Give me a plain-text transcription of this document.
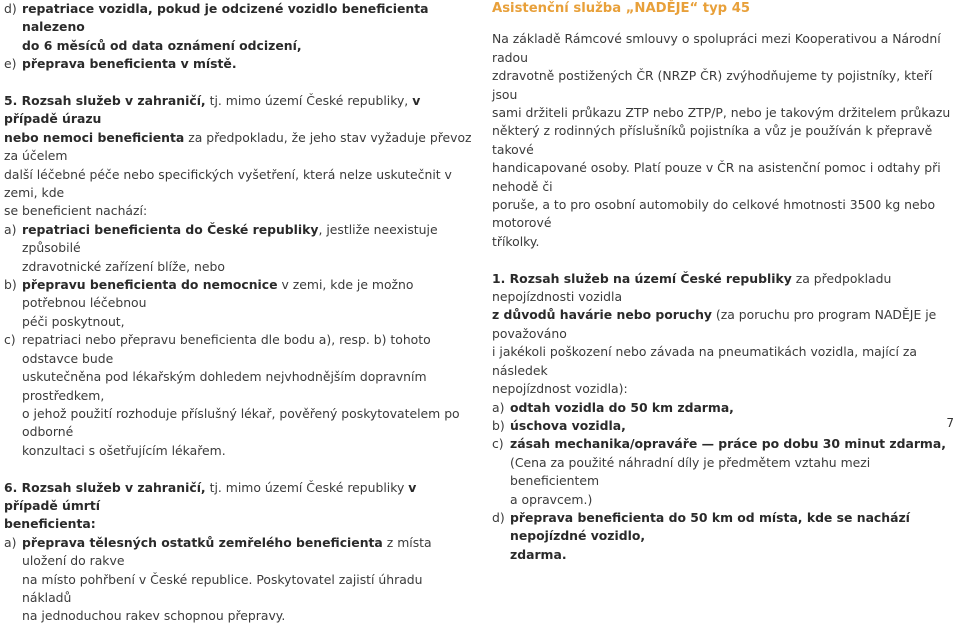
d) repatriace vozidla, pokud je odcizené vozidlo beneficienta nalezeno
do 6 měsíců od data oznámení odcizení,
e) přeprava beneficienta v místě.

5. Rozsah služeb v zahraničí, tj. mimo území České republiky, v případě úrazu
nebo nemoci beneficienta za předpokladu, že jeho stav vyžaduje převoz za účelem
další léčebné péče nebo specifických vyšetření, která nelze uskutečnit v zemi, kde
se beneficient nachází:

a) repatriaci beneficienta do České republiky, jestliže neexistuje způsobilé
zdravotnické zařízení blíže, nebo
b) přepravu beneficienta do nemocnice v zemi, kde je možno potřebnou léčebnou
péči poskytnout,
c) repatriaci nebo přepravu beneficienta dle bodu a), resp. b) tohoto odstavce bude
uskutečněna pod lékařským dohledem nejvhodnějším dopravním prostředkem,
o jehož použití rozhoduje příslušný lékař, pověřený poskytovatelem po odborné
konzultaci s ošetřujícím lékařem.

6. Rozsah služeb v zahraničí, tj. mimo území České republiky v případě úmrtí
beneficienta:

a) přeprava tělesných ostatků zemřelého beneficienta z místa uložení do rakve
na místo pohřbení v České republice. Poskytovatel zajistí úhradu nákladů
na jednoduchou rakev schopnou přepravy.

Asistenční služba „NADĚJE“ typ 45

Na základě Rámcové smlouvy o spolupráci mezi Kooperativou a Národní radou
zdravotně postižených ČR (NRZP ČR) zvýhodňujeme ty pojistníky, kteří jsou
sami držiteli průkazu ZTP nebo ZTP/P, nebo je takovým držitelem průkazu
některý z rodinných příslušníků pojistníka a vůz je používán k přepravě takové
handicapované osoby. Platí pouze v ČR na asistenční pomoc i odtahy při nehodě či
poruše, a to pro osobní automobily do celkové hmotnosti 3500 kg nebo motorové
tříkolky.

1. Rozsah služeb na území České republiky za předpokladu nepojízdnosti vozidla
z důvodů havárie nebo poruchy (za poruchu pro program NADĚJE je považováno
i jakékoli poškození nebo závada na pneumatikách vozidla, mající za následek
nepojízdnost vozidla):

a) odtah vozidla do 50 km zdarma,
b) úschova vozidla,
c) zásah mechanika/opraváře — práce po dobu 30 minut zdarma,
(Cena za použité náhradní díly je předmětem vztahu mezi beneficientem
a opravcem.)
d) přeprava beneficienta do 50 km od místa, kde se nachází nepojízdné vozidlo,
zdarma.
7
